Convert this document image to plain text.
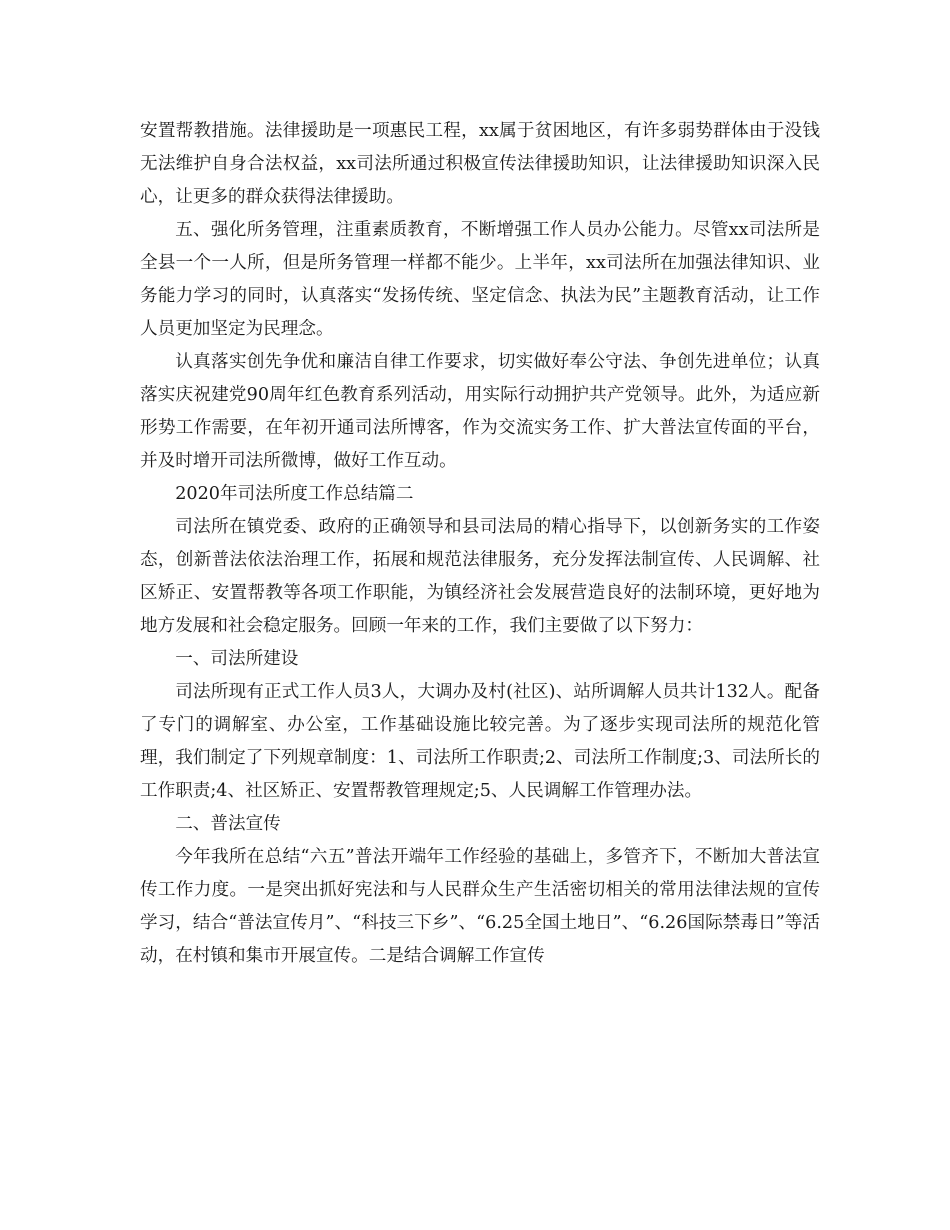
安置帮教措施。法律援助是一项惠民工程，xx属于贫困地区，有许多弱势群体由于没钱无法维护自身合法权益，xx司法所通过积极宣传法律援助知识，让法律援助知识深入民心，让更多的群众获得法律援助。

五、强化所务管理，注重素质教育，不断增强工作人员办公能力。尽管xx司法所是全县一个一人所，但是所务管理一样都不能少。上半年，xx司法所在加强法律知识、业务能力学习的同时，认真落实“发扬传统、坚定信念、执法为民”主题教育活动，让工作人员更加坚定为民理念。

认真落实创先争优和廉洁自律工作要求，切实做好奉公守法、争创先进单位；认真落实庆祝建党90周年红色教育系列活动，用实际行动拥护共产党领导。此外，为适应新形势工作需要，在年初开通司法所博客，作为交流实务工作、扩大普法宣传面的平台，并及时增开司法所微博，做好工作互动。

2020年司法所度工作总结篇二

司法所在镇党委、政府的正确领导和县司法局的精心指导下，以创新务实的工作姿态，创新普法依法治理工作，拓展和规范法律服务，充分发挥法制宣传、人民调解、社区矫正、安置帮教等各项工作职能，为镇经济社会发展营造良好的法制环境，更好地为地方发展和社会稳定服务。回顾一年来的工作，我们主要做了以下努力：

一、司法所建设

司法所现有正式工作人员3人，大调办及村(社区)、站所调解人员共计132人。配备了专门的调解室、办公室，工作基础设施比较完善。为了逐步实现司法所的规范化管理，我们制定了下列规章制度：1、司法所工作职责;2、司法所工作制度;3、司法所长的工作职责;4、社区矫正、安置帮教管理规定;5、人民调解工作管理办法。

二、普法宣传

今年我所在总结“六五”普法开端年工作经验的基础上，多管齐下，不断加大普法宣传工作力度。一是突出抓好宪法和与人民群众生产生活密切相关的常用法律法规的宣传学习，结合“普法宣传月”、“科技三下乡”、“6.25全国土地日”、“6.26国际禁毒日”等活动，在村镇和集市开展宣传。二是结合调解工作宣传
